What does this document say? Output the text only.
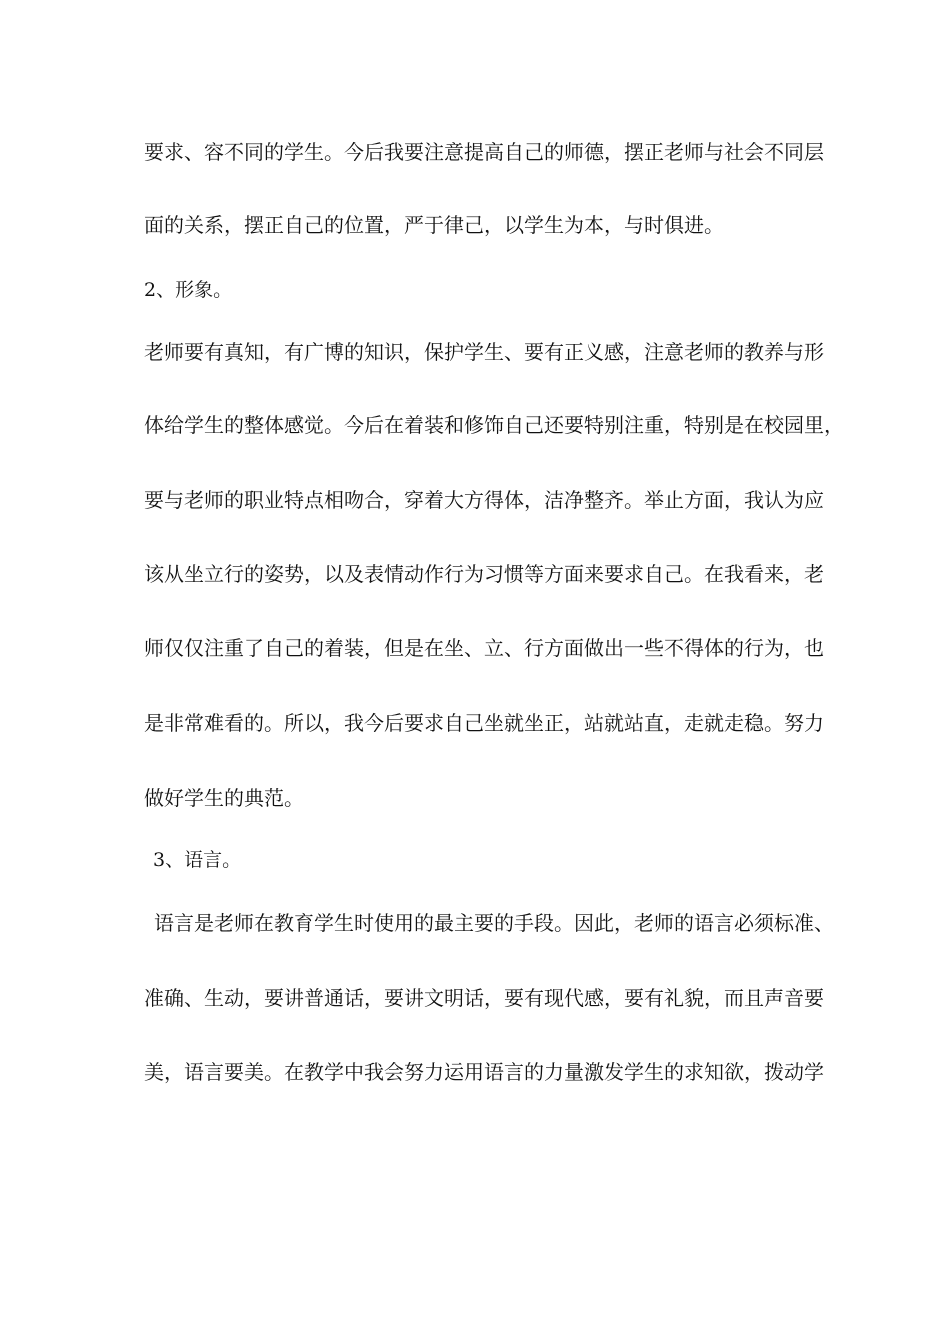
要求、容不同的学生。今后我要注意提高自己的师德，摆正老师与社会不同层
面的关系，摆正自己的位置，严于律己，以学生为本，与时俱进。
2、形象。
老师要有真知，有广博的知识，保护学生、要有正义感，注意老师的教养与形
体给学生的整体感觉。今后在着装和修饰自己还要特别注重，特别是在校园里，
要与老师的职业特点相吻合，穿着大方得体，洁净整齐。举止方面，我认为应
该从坐立行的姿势，以及表情动作行为习惯等方面来要求自己。在我看来，老
师仅仅注重了自己的着装，但是在坐、立、行方面做出一些不得体的行为，也
是非常难看的。所以，我今后要求自己坐就坐正，站就站直，走就走稳。努力
做好学生的典范。
3、语言。
语言是老师在教育学生时使用的最主要的手段。因此，老师的语言必须标准、
准确、生动，要讲普通话，要讲文明话，要有现代感，要有礼貌，而且声音要
美，语言要美。在教学中我会努力运用语言的力量激发学生的求知欲，拨动学
